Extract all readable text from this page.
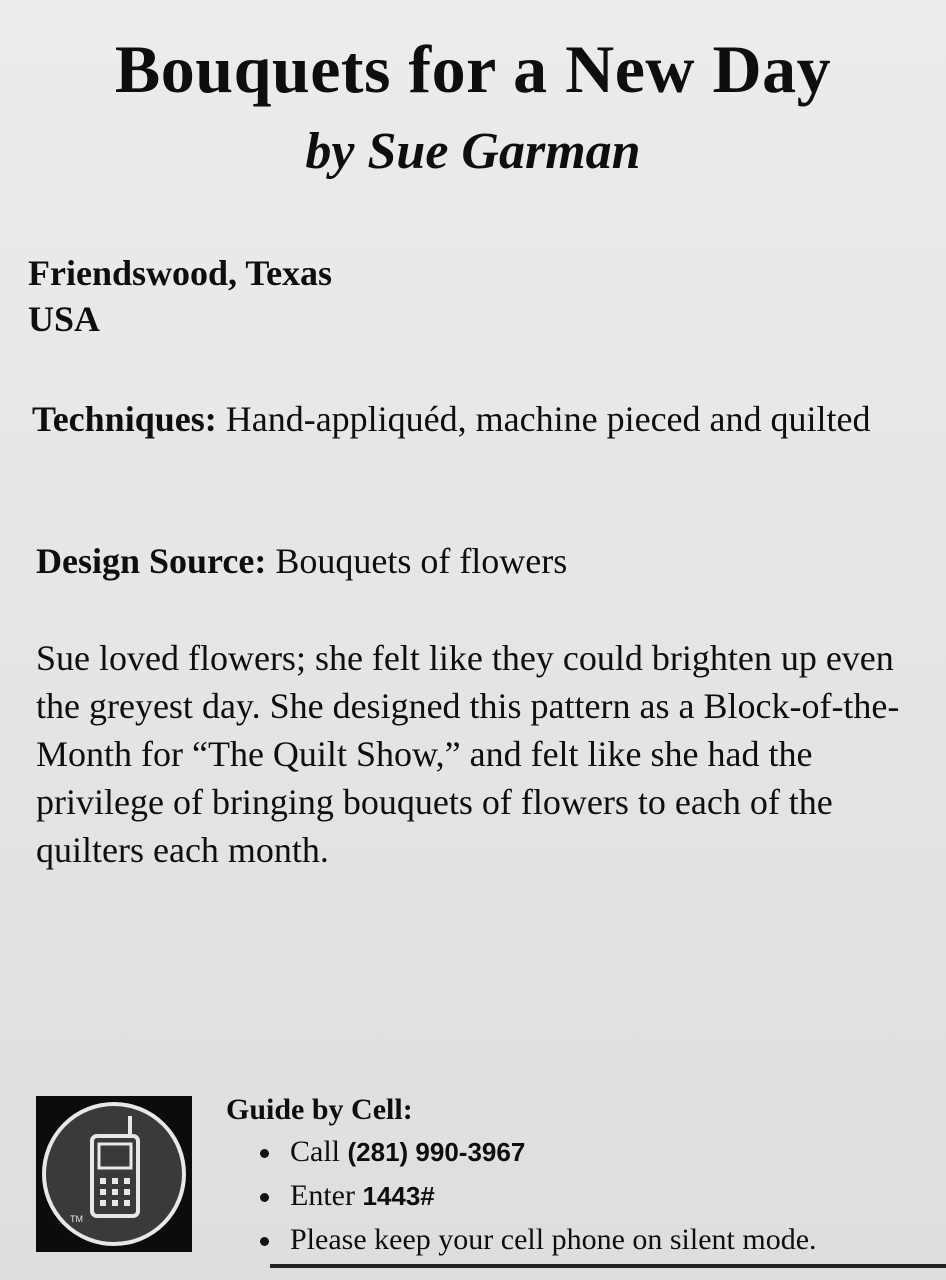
Bouquets for a New Day
by Sue Garman
Friendswood, Texas
USA
Techniques: Hand-appliquéd, machine pieced and quilted
Design Source: Bouquets of flowers
Sue loved flowers; she felt like they could brighten up even the greyest day. She designed this pattern as a Block-of-the-Month for “The Quilt Show,” and felt like she had the privilege of bringing bouquets of flowers to each of the quilters each month.
TM
Guide by Cell:
Call (281) 990-3967
Enter 1443#
Please keep your cell phone on silent mode.
